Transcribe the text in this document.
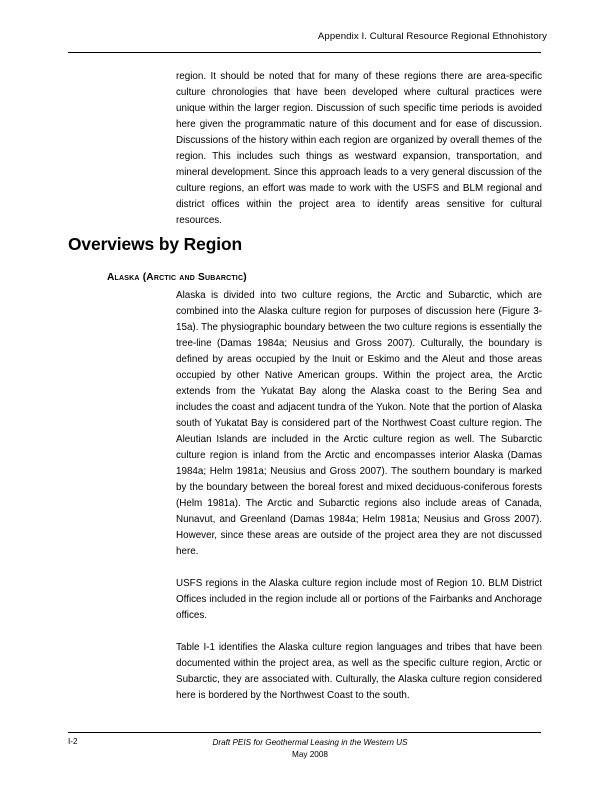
Appendix I. Cultural Resource Regional Ethnohistory

region. It should be noted that for many of these regions there are area-specific culture chronologies that have been developed where cultural practices were unique within the larger region. Discussion of such specific time periods is avoided here given the programmatic nature of this document and for ease of discussion. Discussions of the history within each region are organized by overall themes of the region. This includes such things as westward expansion, transportation, and mineral development. Since this approach leads to a very general discussion of the culture regions, an effort was made to work with the USFS and BLM regional and district offices within the project area to identify areas sensitive for cultural resources.

Overviews by Region
Alaska (Arctic and Subarctic)

Alaska is divided into two culture regions, the Arctic and Subarctic, which are combined into the Alaska culture region for purposes of discussion here (Figure 3-15a). The physiographic boundary between the two culture regions is essentially the tree-line (Damas 1984a; Neusius and Gross 2007). Culturally, the boundary is defined by areas occupied by the Inuit or Eskimo and the Aleut and those areas occupied by other Native American groups. Within the project area, the Arctic extends from the Yukatat Bay along the Alaska coast to the Bering Sea and includes the coast and adjacent tundra of the Yukon. Note that the portion of Alaska south of Yukatat Bay is considered part of the Northwest Coast culture region. The Aleutian Islands are included in the Arctic culture region as well. The Subarctic culture region is inland from the Arctic and encompasses interior Alaska (Damas 1984a; Helm 1981a; Neusius and Gross 2007). The southern boundary is marked by the boundary between the boreal forest and mixed deciduous-coniferous forests (Helm 1981a). The Arctic and Subarctic regions also include areas of Canada, Nunavut, and Greenland (Damas 1984a; Helm 1981a; Neusius and Gross 2007). However, since these areas are outside of the project area they are not discussed here.

USFS regions in the Alaska culture region include most of Region 10. BLM District Offices included in the region include all or portions of the Fairbanks and Anchorage offices.

Table I-1 identifies the Alaska culture region languages and tribes that have been documented within the project area, as well as the specific culture region, Arctic or Subarctic, they are associated with. Culturally, the Alaska culture region considered here is bordered by the Northwest Coast to the south.

I-2	Draft PEIS for Geothermal Leasing in the Western US
May 2008
